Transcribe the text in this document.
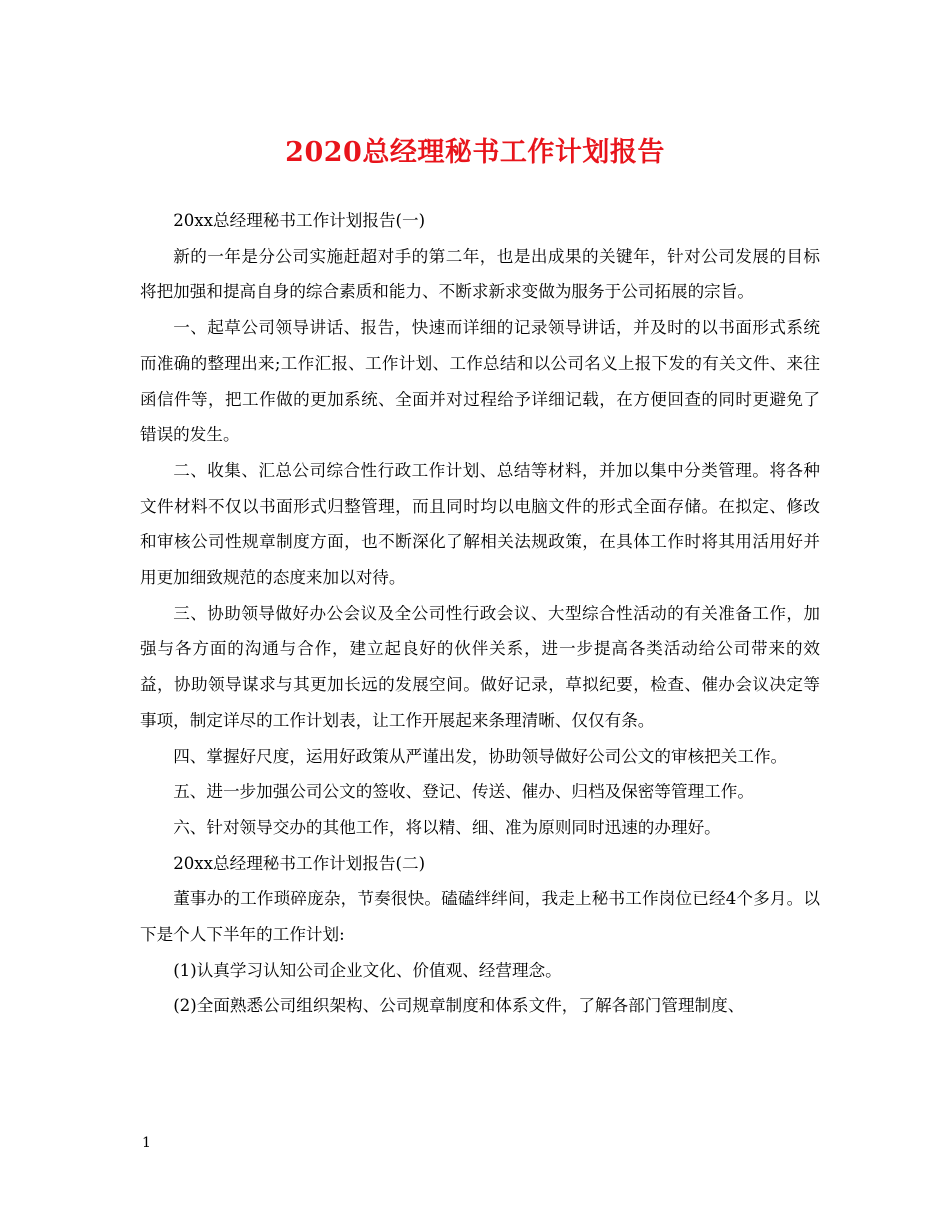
2020总经理秘书工作计划报告

20xx总经理秘书工作计划报告(一)

新的一年是分公司实施赶超对手的第二年，也是出成果的关键年，针对公司发展的目标将把加强和提高自身的综合素质和能力、不断求新求变做为服务于公司拓展的宗旨。

一、起草公司领导讲话、报告，快速而详细的记录领导讲话，并及时的以书面形式系统而准确的整理出来;工作汇报、工作计划、工作总结和以公司名义上报下发的有关文件、来往函信件等，把工作做的更加系统、全面并对过程给予详细记载，在方便回查的同时更避免了错误的发生。

二、收集、汇总公司综合性行政工作计划、总结等材料，并加以集中分类管理。将各种文件材料不仅以书面形式归整管理，而且同时均以电脑文件的形式全面存储。在拟定、修改和审核公司性规章制度方面，也不断深化了解相关法规政策，在具体工作时将其用活用好并用更加细致规范的态度来加以对待。

三、协助领导做好办公会议及全公司性行政会议、大型综合性活动的有关准备工作，加强与各方面的沟通与合作，建立起良好的伙伴关系，进一步提高各类活动给公司带来的效益，协助领导谋求与其更加长远的发展空间。做好记录，草拟纪要，检查、催办会议决定等事项，制定详尽的工作计划表，让工作开展起来条理清晰、仅仅有条。

四、掌握好尺度，运用好政策从严谨出发，协助领导做好公司公文的审核把关工作。

五、进一步加强公司公文的签收、登记、传送、催办、归档及保密等管理工作。

六、针对领导交办的其他工作，将以精、细、准为原则同时迅速的办理好。

20xx总经理秘书工作计划报告(二)

董事办的工作琐碎庞杂，节奏很快。磕磕绊绊间，我走上秘书工作岗位已经4个多月。以下是个人下半年的工作计划:

(1)认真学习认知公司企业文化、价值观、经营理念。

(2)全面熟悉公司组织架构、公司规章制度和体系文件，了解各部门管理制度、

1
